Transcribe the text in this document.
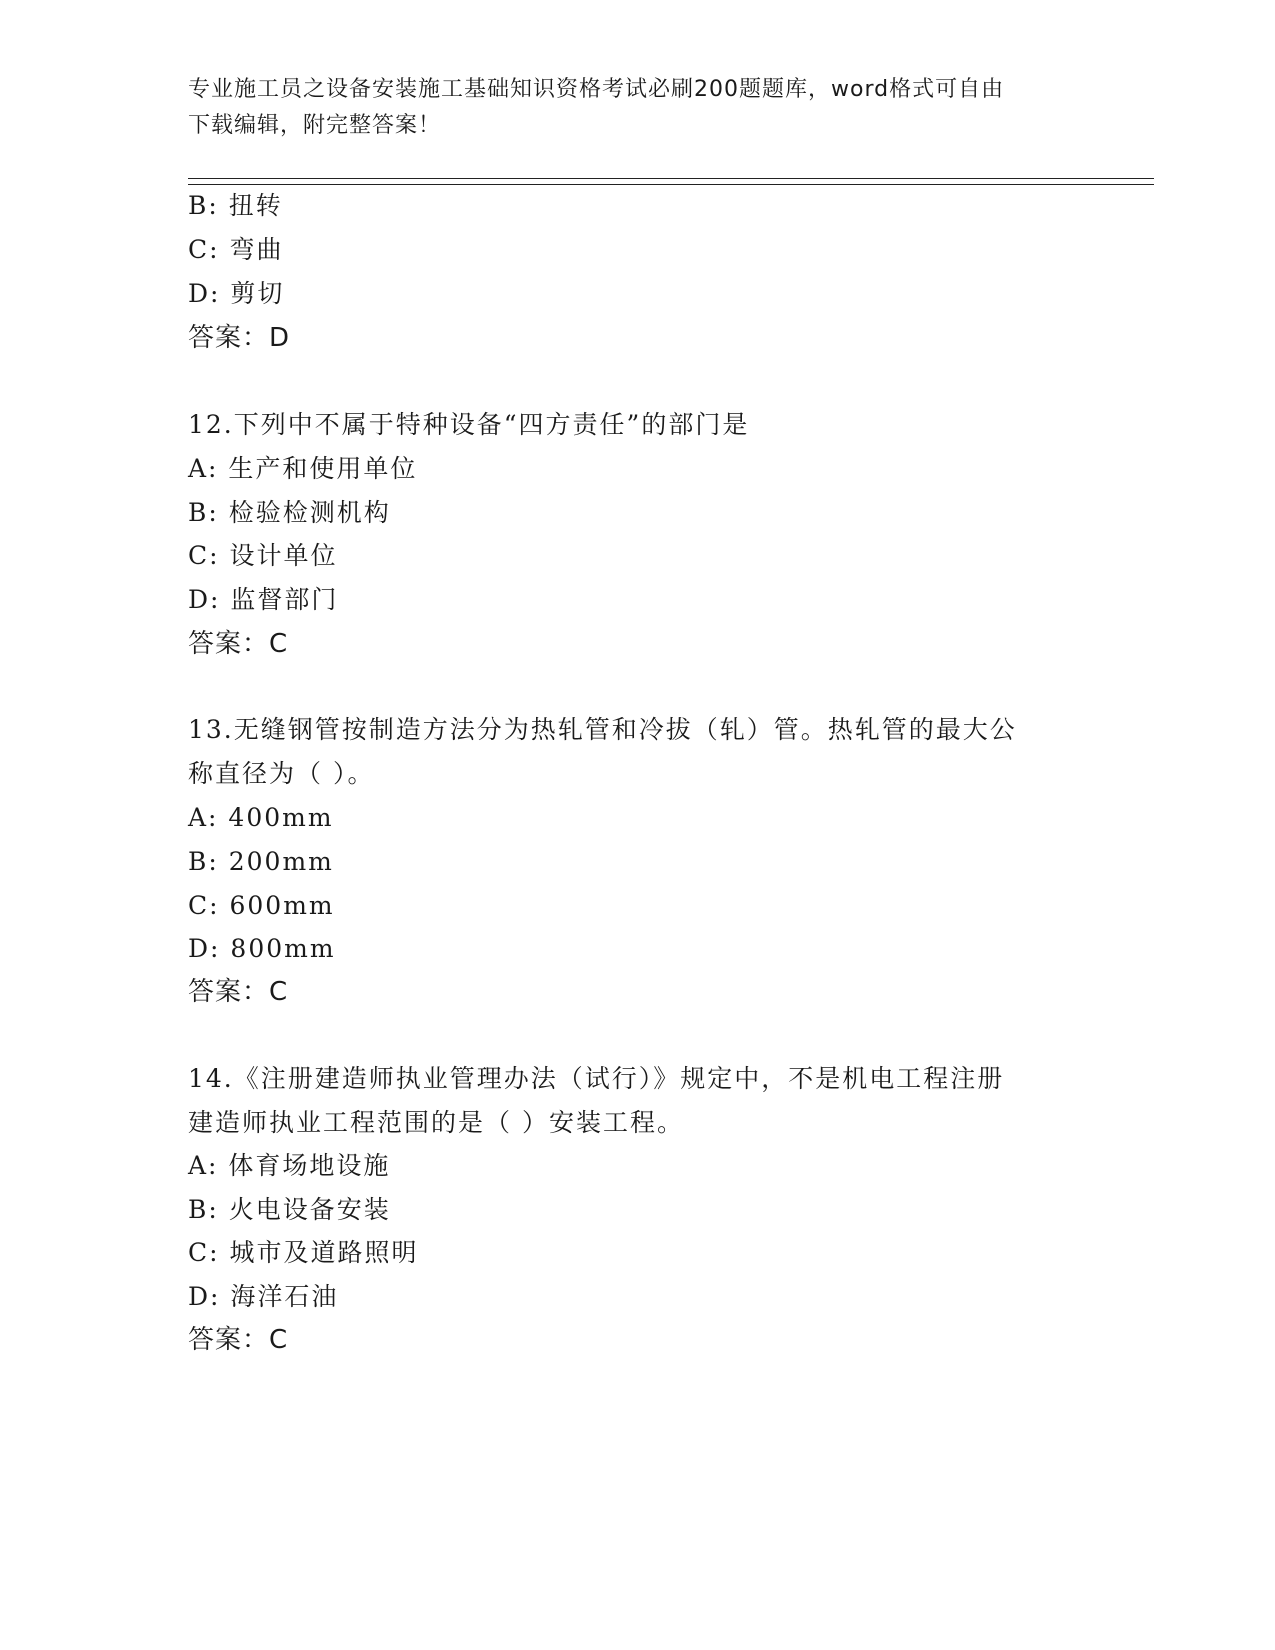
专业施工员之设备安装施工基础知识资格考试必刷200题题库，word格式可自由
下载编辑，附完整答案！
B: 扭转
C: 弯曲
D: 剪切
答案：D
12.下列中不属于特种设备“四方责任”的部门是
A: 生产和使用单位
B: 检验检测机构
C: 设计单位
D: 监督部门
答案：C
13.无缝钢管按制造方法分为热轧管和冷拔（轧）管。热轧管的最大公
称直径为（ ）。
A: 400mm
B: 200mm
C: 600mm
D: 800mm
答案：C
14.《注册建造师执业管理办法（试行）》规定中，不是机电工程注册
建造师执业工程范围的是（ ）安装工程。
A: 体育场地设施
B: 火电设备安装
C: 城市及道路照明
D: 海洋石油
答案：C
